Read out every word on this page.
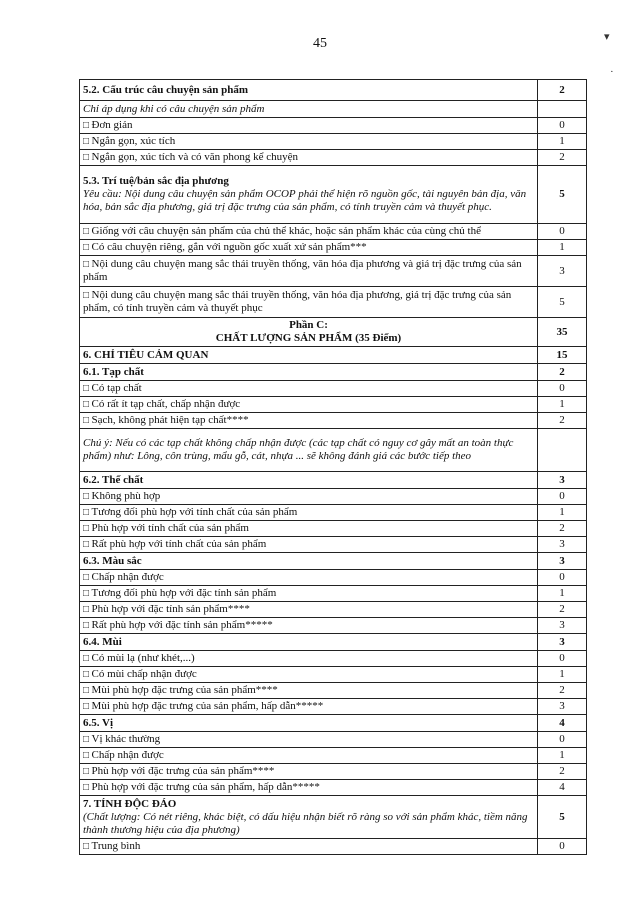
45	▾
·
5.2. Cấu trúc câu chuyện sản phẩm	2
Chỉ áp dụng khi có câu chuyện sản phẩm	
□ Đơn giản	0
□ Ngắn gọn, xúc tích	1
□ Ngắn gọn, xúc tích và có văn phong kể chuyện	2
5.3. Trí tuệ/bản sắc địa phương
Yêu cầu: Nội dung câu chuyện sản phẩm OCOP phải thể hiện rõ nguồn gốc, tài nguyên bản địa, văn hóa, bản sắc địa phương, giá trị đặc trưng của sản phẩm, có tính truyền cảm và thuyết phục.	5
□ Giống với câu chuyện sản phẩm của chủ thể khác, hoặc sản phẩm khác của cùng chủ thể	0
□ Có câu chuyện riêng, gắn với nguồn gốc xuất xứ sản phẩm***	1
□ Nội dung câu chuyện mang sắc thái truyền thống, văn hóa địa phương và giá trị đặc trưng của sản phẩm	3
□ Nội dung câu chuyện mang sắc thái truyền thống, văn hóa địa phương, giá trị đặc trưng của sản phẩm, có tính truyền cảm và thuyết phục	5

Phần C:
CHẤT LƯỢNG SẢN PHẨM (35 Điểm)	35
6. CHỈ TIÊU CẢM QUAN	15
6.1. Tạp chất	2
□ Có tạp chất	0
□ Có rất ít tạp chất, chấp nhận được	1
□ Sạch, không phát hiện tạp chất****	2
Chú ý: Nếu có các tạp chất không chấp nhận được (các tạp chất có nguy cơ gây mất an toàn thực phẩm) như: Lông, côn trùng, mẩu gỗ, cát, nhựa ... sẽ không đánh giá các bước tiếp theo	
6.2. Thể chất	3
□ Không phù hợp	0
□ Tương đối phù hợp với tính chất của sản phẩm	1
□ Phù hợp với tính chất của sản phẩm	2
□ Rất phù hợp với tính chất của sản phẩm	3
6.3. Màu sắc	3
□ Chấp nhận được	0
□ Tương đối phù hợp với đặc tính sản phẩm	1
□ Phù hợp với đặc tính sản phẩm****	2
□ Rất phù hợp với đặc tính sản phẩm*****	3
6.4. Mùi	3
□ Có mùi lạ (như khét,...)	0
□ Có mùi chấp nhận được	1
□ Mùi phù hợp đặc trưng của sản phẩm****	2
□ Mùi phù hợp đặc trưng của sản phẩm, hấp dẫn*****	3
6.5. Vị	4
□ Vị khác thường	0
□ Chấp nhận được	1
□ Phù hợp với đặc trưng của sản phẩm****	2
□ Phù hợp với đặc trưng của sản phẩm, hấp dẫn*****	4
7. TÍNH ĐỘC ĐÁO
(Chất lượng: Có nét riêng, khác biệt, có dấu hiệu nhận biết rõ ràng so với sản phẩm khác, tiềm năng thành thương hiệu của địa phương)	5
□ Trung bình	0
